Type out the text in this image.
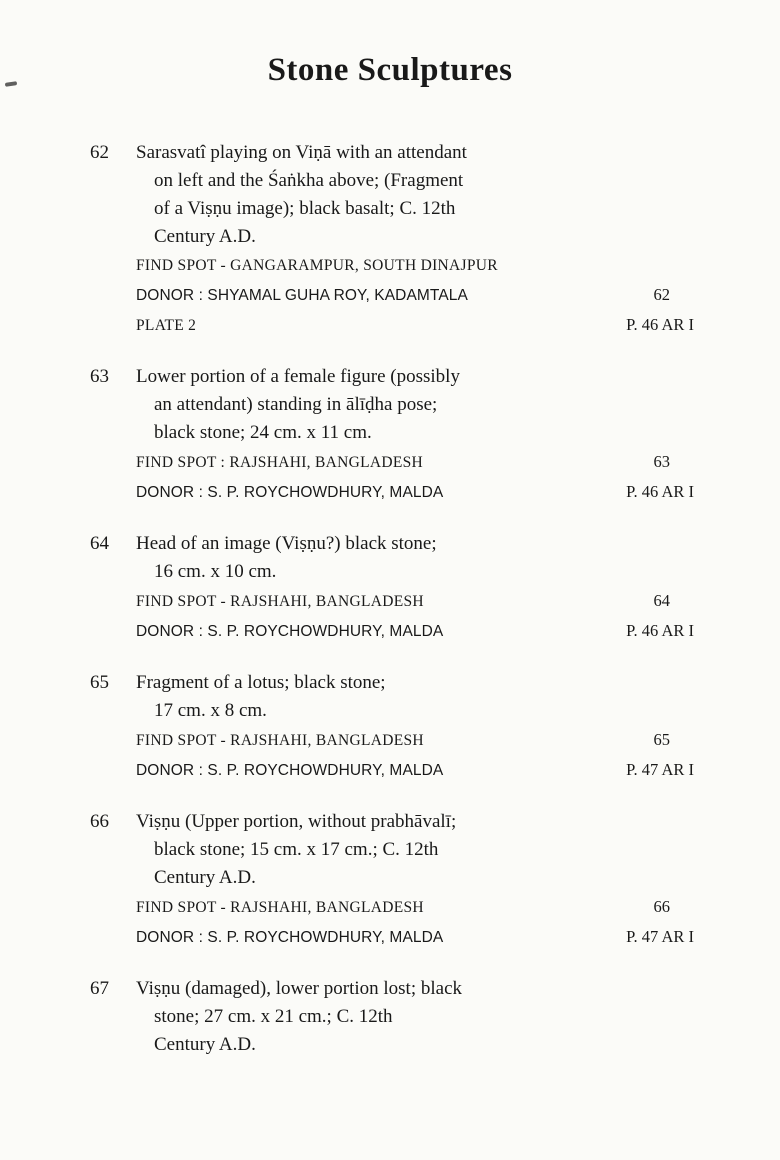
Stone Sculptures
62	Sarasvatî playing on Viṇā with an attendant
on left and the Śaṅkha above; (Fragment
of a Viṣṇu image); black basalt; C. 12th
Century A.D.
FIND SPOT - GANGARAMPUR, SOUTH DINAJPUR
DONOR : SHYAMAL GUHA ROY, KADAMTALA	62
PLATE 2	P. 46 AR I
63	Lower portion of a female figure (possibly
an attendant) standing in ālīḍha pose;
black stone; 24 cm. x 11 cm.
FIND SPOT : RAJSHAHI, BANGLADESH	63
DONOR : S. P. ROYCHOWDHURY, MALDA	P. 46 AR I
64	Head of an image (Viṣṇu?) black stone;
16 cm. x 10 cm.
FIND SPOT - RAJSHAHI, BANGLADESH	64
DONOR : S. P. ROYCHOWDHURY, MALDA	P. 46 AR I
65	Fragment of a lotus; black stone;
17 cm. x 8 cm.
FIND SPOT - RAJSHAHI, BANGLADESH	65
DONOR : S. P. ROYCHOWDHURY, MALDA	P. 47 AR I
66	Viṣṇu (Upper portion, without prabhāvalī;
black stone; 15 cm. x 17 cm.; C. 12th
Century A.D.
FIND SPOT - RAJSHAHI, BANGLADESH	66
DONOR : S. P. ROYCHOWDHURY, MALDA	P. 47 AR I
67	Viṣṇu (damaged), lower portion lost; black
stone; 27 cm. x 21 cm.; C. 12th
Century A.D.
